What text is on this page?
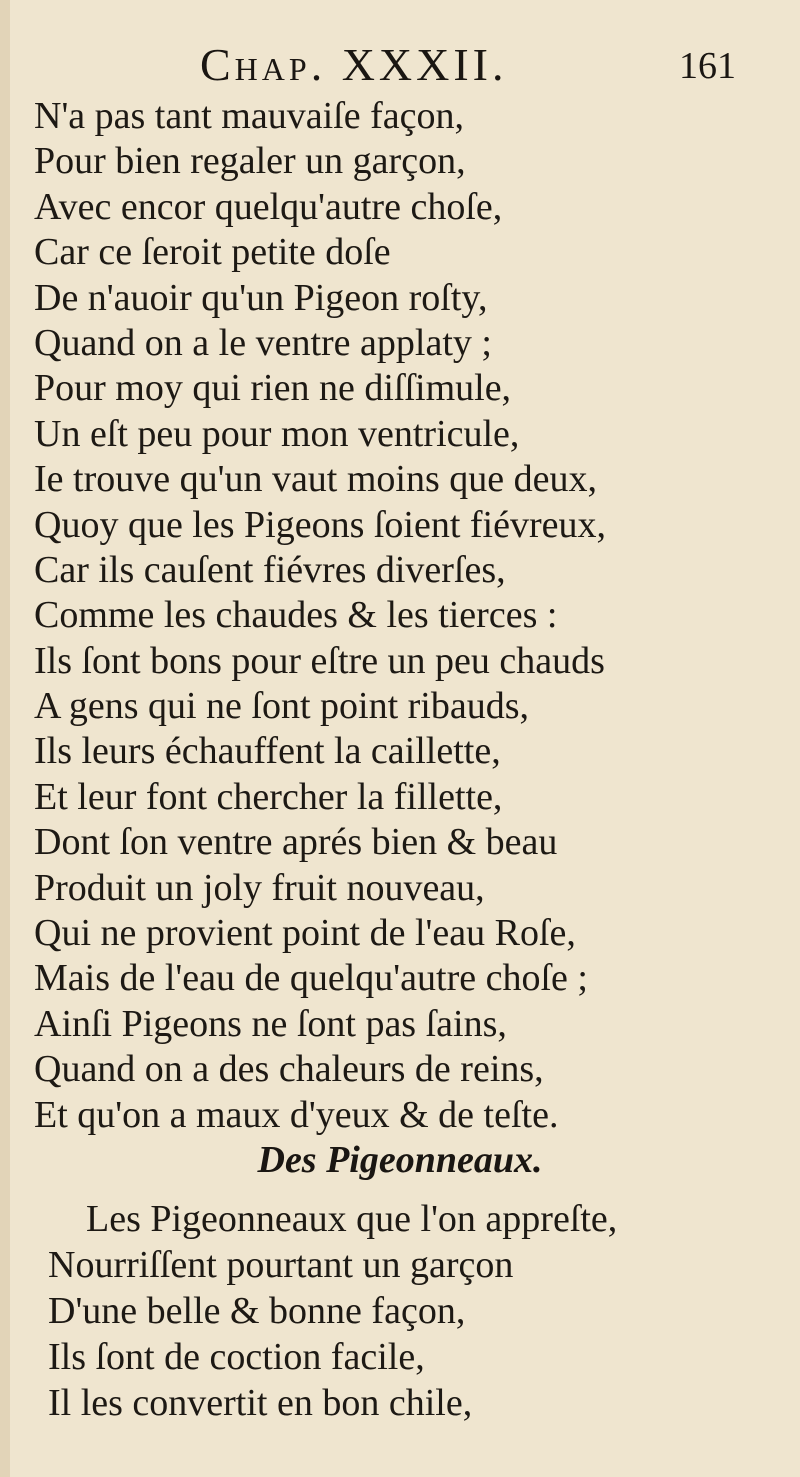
Chap. XXXII.	161
N'a pas tant mauvaiſe façon,
Pour bien regaler un garçon,
Avec encor quelqu'autre choſe,
Car ce ſeroit petite doſe
De n'auoir qu'un Pigeon roſty,
Quand on a le ventre applaty ;
Pour moy qui rien ne diſſimule,
Un eſt peu pour mon ventricule,
Ie trouve qu'un vaut moins que deux,
Quoy que les Pigeons ſoient fiévreux,
Car ils cauſent fiévres diverſes,
Comme les chaudes & les tierces :
Ils ſont bons pour eſtre un peu chauds
A gens qui ne ſont point ribauds,
Ils leurs échauffent la caillette,
Et leur font chercher la fillette,
Dont ſon ventre aprés bien & beau
Produit un joly fruit nouveau,
Qui ne provient point de l'eau Roſe,
Mais de l'eau de quelqu'autre choſe ;
Ainſi Pigeons ne ſont pas ſains,
Quand on a des chaleurs de reins,
Et qu'on a maux d'yeux & de teſte.
Des Pigeonneaux.
Les Pigeonneaux que l'on appreſte,
Nourriſſent pourtant un garçon
D'une belle & bonne façon,
Ils ſont de coction facile,
Il les convertit en bon chile,
